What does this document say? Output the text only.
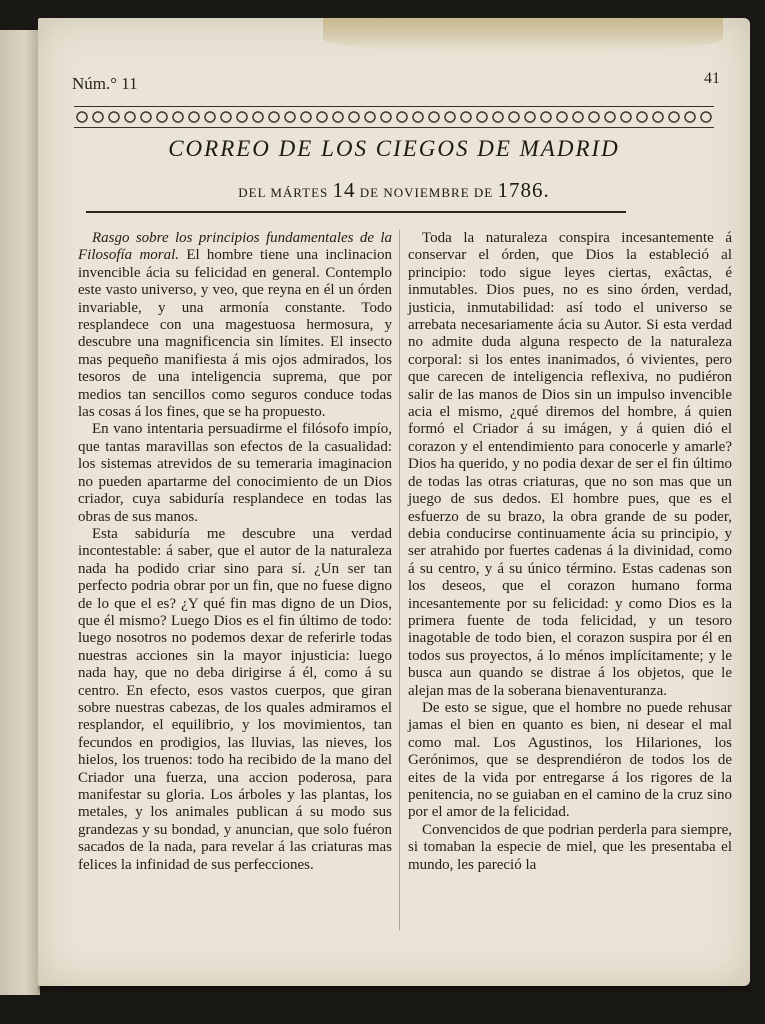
Núm.° 11	41
CORREO DE LOS CIEGOS DE MADRID
DEL MÁRTES 14 DE NOVIEMBRE DE 1786.

Rasgo sobre los principios fundamentales de la Filosofía moral. El hombre tiene una inclinacion invencible ácia su felicidad en general. Contemplo este vasto universo, y veo, que reyna en él un órden invariable, y una armonía constante. Todo resplandece con una magestuosa hermosura, y descubre una magnificencia sin límites. El insecto mas pequeño manifiesta á mis ojos admirados, los tesoros de una inteligencia suprema, que por medios tan sencillos como seguros conduce todas las cosas á los fines, que se ha propuesto.

En vano intentaria persuadirme el filósofo impío, que tantas maravillas son efectos de la casualidad: los sistemas atrevidos de su temeraria imaginacion no pueden apartarme del conocimiento de un Dios criador, cuya sabiduría resplandece en todas las obras de sus manos.

Esta sabiduría me descubre una verdad incontestable: á saber, que el autor de la naturaleza nada ha podido criar sino para sí. ¿Un ser tan perfecto podria obrar por un fin, que no fuese digno de lo que el es? ¿Y qué fin mas digno de un Dios, que él mismo? Luego Dios es el fin último de todo: luego nosotros no podemos dexar de referirle todas nuestras acciones sin la mayor injusticia: luego nada hay, que no deba dirigirse á él, como á su centro. En efecto, esos vastos cuerpos, que giran sobre nuestras cabezas, de los quales admiramos el resplandor, el equilibrio, y los movimientos, tan fecundos en prodigios, las lluvias, las nieves, los hielos, los truenos: todo ha recibido de la mano del Criador una fuerza, una accion poderosa, para manifestar su gloria. Los árboles y las plantas, los metales, y los animales publican á su modo sus grandezas y su bondad, y anuncian, que solo fuéron sacados de la nada, para revelar á las criaturas mas felices la infinidad de sus perfecciones.

Toda la naturaleza conspira incesantemente á conservar el órden, que Dios la estableció al principio: todo sigue leyes ciertas, exâctas, é inmutables. Dios pues, no es sino órden, verdad, justicia, inmutabilidad: así todo el universo se arrebata necesariamente ácia su Autor. Si esta verdad no admite duda alguna respecto de la naturaleza corporal: si los entes inanimados, ó vivientes, pero que carecen de inteligencia reflexiva, no pudiéron salir de las manos de Dios sin un impulso invencible acia el mismo, ¿qué diremos del hombre, á quien formó el Criador á su imágen, y á quien dió el corazon y el entendimiento para conocerle y amarle? Dios ha querido, y no podia dexar de ser el fin último de todas las otras criaturas, que no son mas que un juego de sus dedos. El hombre pues, que es el esfuerzo de su brazo, la obra grande de su poder, debia conducirse continuamente ácia su principio, y ser atrahido por fuertes cadenas á la divinidad, como á su centro, y á su único término. Estas cadenas son los deseos, que el corazon humano forma incesantemente por su felicidad: y como Dios es la primera fuente de toda felicidad, y un tesoro inagotable de todo bien, el corazon suspira por él en todos sus proyectos, á lo ménos implícitamente; y le busca aun quando se distrae á los objetos, que le alejan mas de la soberana bienaventuranza.

De esto se sigue, que el hombre no puede rehusar jamas el bien en quanto es bien, ni desear el mal como mal. Los Agustinos, los Hilariones, los Gerónimos, que se desprendiéron de todos los de eites de la vida por entregarse á los rigores de la penitencia, no se guiaban en el camino de la cruz sino por el amor de la felicidad.

Convencidos de que podrian perderla para siempre, si tomaban la especie de miel, que les presentaba el mundo, les pareció la
